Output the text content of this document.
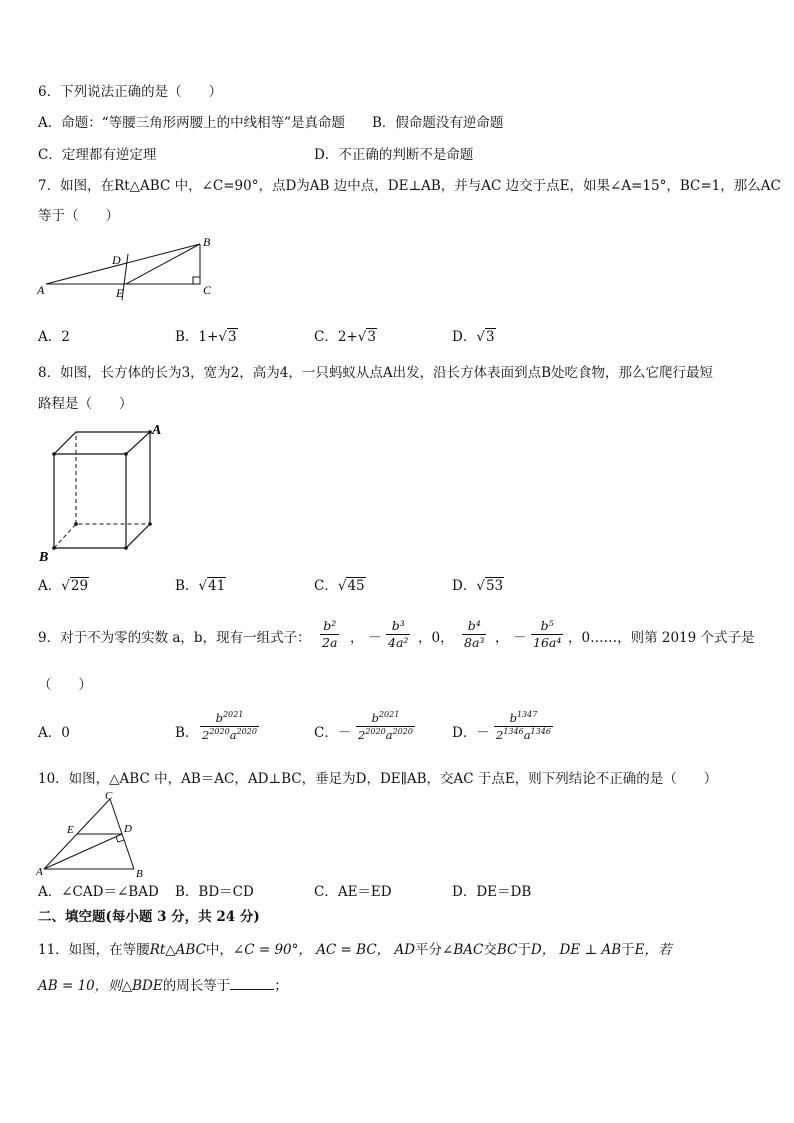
6．下列说法正确的是（　　）
A．命题：“等腰三角形两腰上的中线相等”是真命题 B．假命题没有逆命题
C．定理都有逆定理	D．不正确的判断不是命题
7．如图，在Rt△ABC 中，∠C=90°，点D为AB 边中点，DE⊥AB，并与AC 边交于点E，如果∠A=15°，BC=1，那么AC
等于（　　）
A
B
C
D
E
A．2	B．1+√3	C．2+√3	D．√3
8．如图，长方体的长为3，宽为2，高为4，一只蚂蚁从点A出发，沿长方体表面到点B处吃食物，那么它爬行最短
路程是（　　）
A
B
A．√29	B．√41	C．√45	D．√53
9．对于不为零的实数 a，b，现有一组式子： $\frac{\text{b²}}{2a}$ ， － $\frac{\text{b³}}{\text{4a²}}$ ，0， $\frac{\text{b⁴}}{\text{8a³}}$ ， － $\frac{\text{b⁵}}{\text{16a⁴}}$ ，0……，则第 2019 个式子是
（　　）
A．0	B． $\frac{b^{2021}}{2^{2020}a^{2020}}$	C．－ $\frac{b^{2021}}{2^{2020}a^{2020}}$	D．－ $\frac{b^{1347}}{2^{1346}a^{1346}}$
10．如图，△ABC 中，AB＝AC，AD⊥BC，垂足为D，DE∥AB，交AC 于点E，则下列结论不正确的是（　　）
A	B
C
D
E
A．∠CAD＝∠BAD B．BD＝CD	C．AE＝ED	D．DE＝DB
二、填空题(每小题 3 分，共 24 分)
11．如图，在等腰Rt△ABC中，∠C = 90°， AC = BC， AD平分∠BAC交BC于D， DE ⊥ AB于E，若
AB = 10，则△BDE的周长等于	；
